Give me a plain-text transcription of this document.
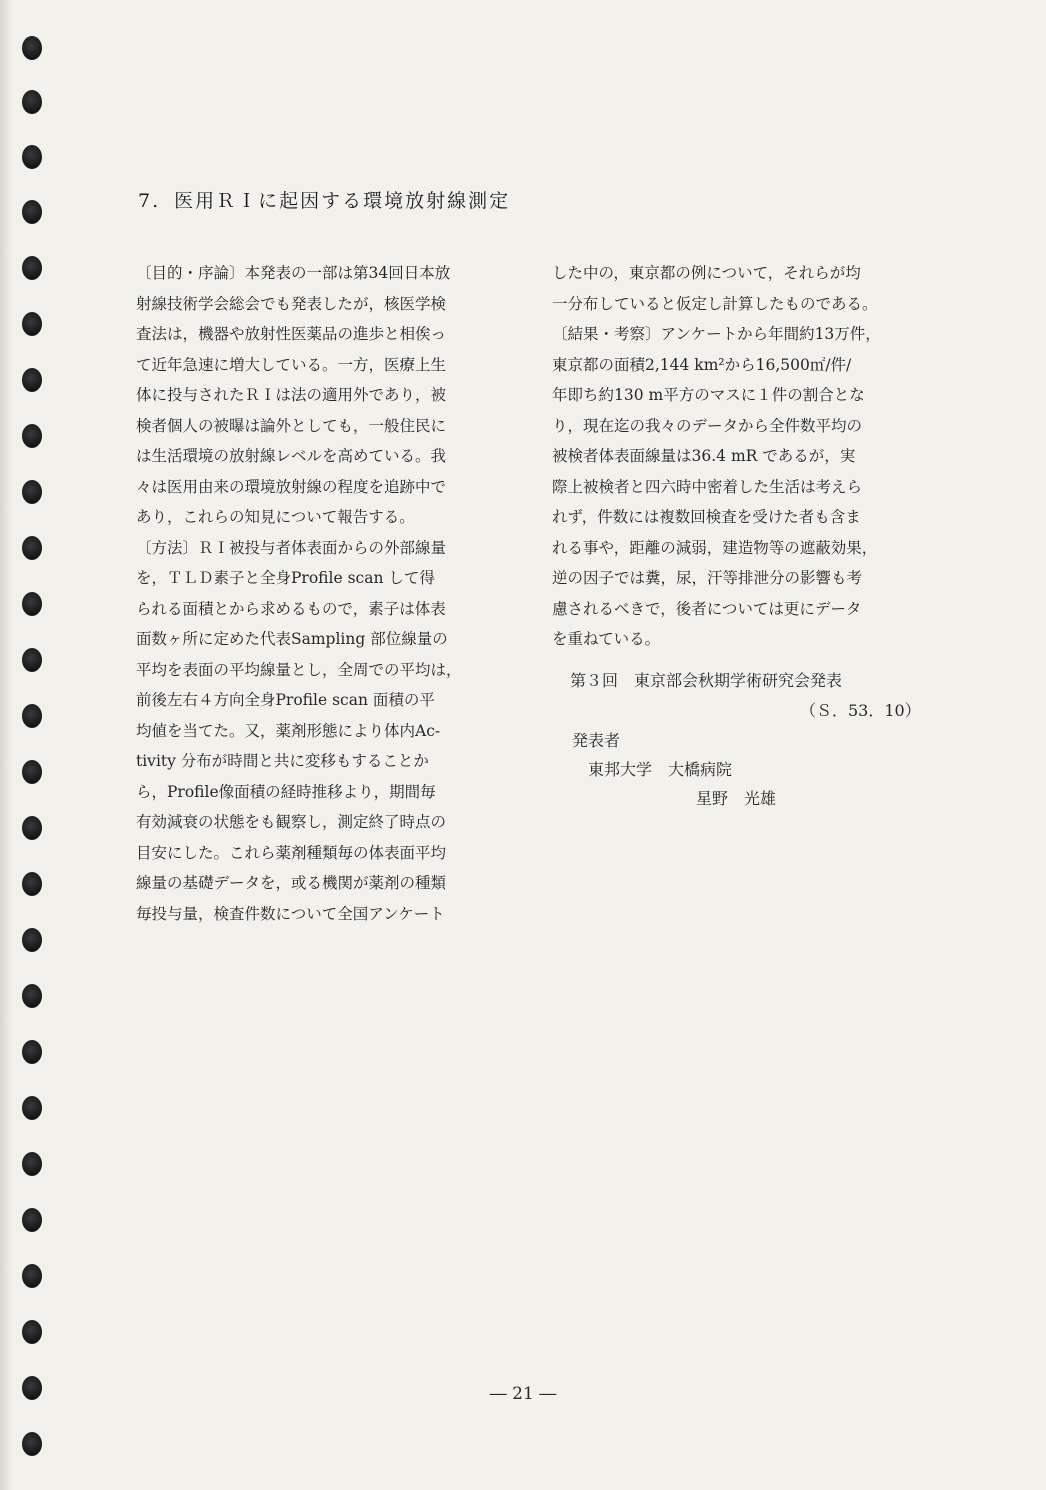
7. 医用ＲＩに起因する環境放射線測定
〔目的・序論〕本発表の一部は第34回日本放
射線技術学会総会でも発表したが，核医学検
査法は，機器や放射性医薬品の進歩と相俟っ
て近年急速に増大している。一方，医療上生
体に投与されたＲＩは法の適用外であり，被
検者個人の被曝は論外としても，一般住民に
は生活環境の放射線レベルを高めている。我
々は医用由来の環境放射線の程度を追跡中で
あり，これらの知見について報告する。
〔方法〕ＲＩ被投与者体表面からの外部線量
を，ＴＬＤ素子と全身Profile scan して得
られる面積とから求めるもので，素子は体表
面数ヶ所に定めた代表Sampling 部位線量の
平均を表面の平均線量とし，全周での平均は，
前後左右４方向全身Profile scan 面積の平
均値を当てた。又，薬剤形態により体内Ac-
tivity 分布が時間と共に変移もすることか
ら，Profile像面積の経時推移より，期間毎
有効減衰の状態をも観察し，測定終了時点の
目安にした。これら薬剤種類毎の体表面平均
線量の基礎データを，或る機関が薬剤の種類
毎投与量，検査件数について全国アンケート
した中の，東京都の例について，それらが均
一分布していると仮定し計算したものである。
〔結果・考察〕アンケートから年間約13万件，
東京都の面積2,144 km²から16,500㎡/件/
年即ち約130 m平方のマスに１件の割合とな
り，現在迄の我々のデータから全件数平均の
被検者体表面線量は36.4 mR であるが，実
際上被検者と四六時中密着した生活は考えら
れず，件数には複数回検査を受けた者も含ま
れる事や，距離の減弱，建造物等の遮蔽効果，
逆の因子では糞，尿，汗等排泄分の影響も考
慮されるべきで，後者については更にデータ
を重ねている。
第３回　東京部会秋期学術研究会発表
（Ｓ．53．10）
発表者
東邦大学　大橋病院
星野　光雄
― 21 ―
